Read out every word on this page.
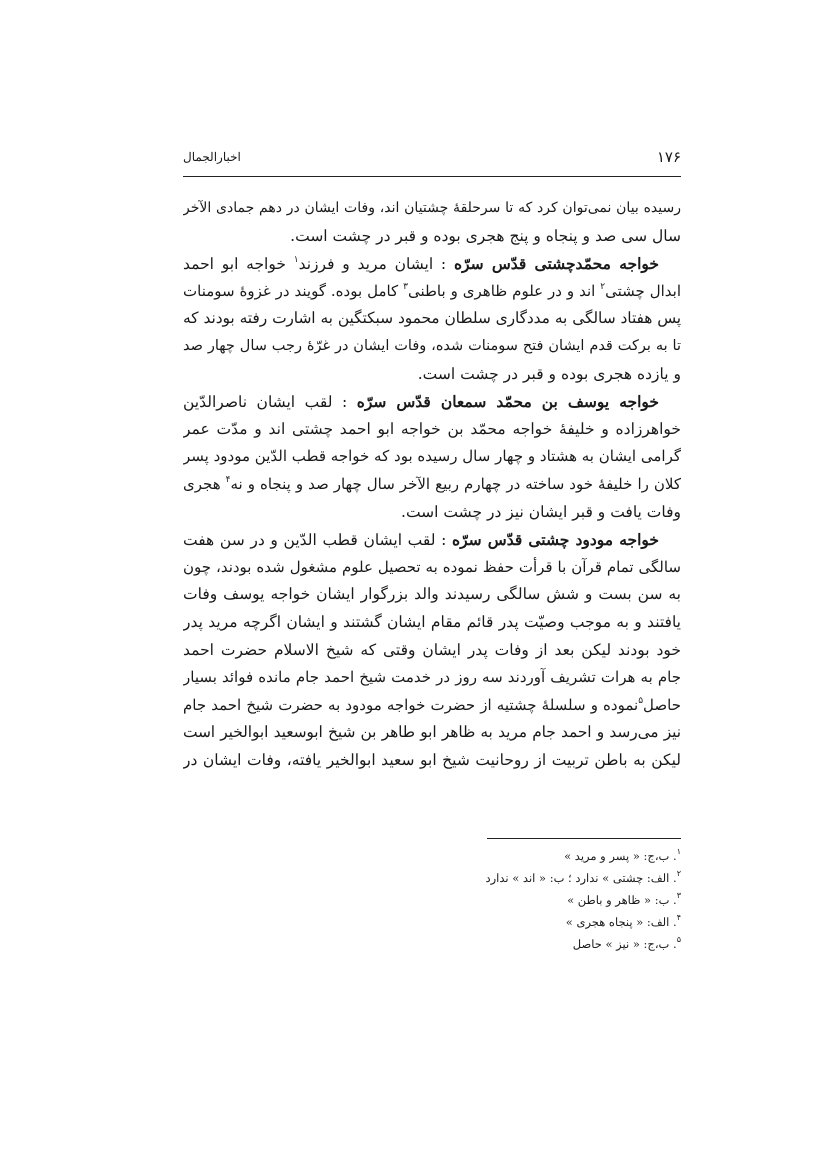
اخبارالجمال	۱۷۶
رسیده بیان نمی‌توان کرد که تا سرحلقهٔ چشتیان اند، وفات ایشان در دهم جمادی الآخر
سال سی صد و پنجاه و پنج هجری بوده و قبر در چشت است.
خواجه محمّدچشتی قدّس سرّه : ایشان مرید و فرزند$^۱$ خواجه ابو احمد
ابدال چشتی$^۲$ اند و در علوم ظاهری و باطنی$^۳$ کامل بوده. گویند در غزوهٔ سومنات
پس هفتاد سالگی به مددگاری سلطان محمود سبکتگین به اشارت رفته بودند که
تا به برکت قدم ایشان فتح سومنات شده، وفات ایشان در غرّهٔ رجب سال چهار صد
و یازده هجری بوده و قبر در چشت است.
خواجه یوسف بن محمّد سمعان قدّس سرّه : لقب ایشان ناصرالدّین
خواهرزاده و خلیفهٔ خواجه محمّد بن خواجه ابو احمد چشتی اند و مدّت عمر
گرامی ایشان به هشتاد و چهار سال رسیده بود که خواجه قطب الدّین مودود پسر
کلان را خلیفهٔ خود ساخته در چهارم ربیع الآخر سال چهار صد و پنجاه و نه$^۴$ هجری
وفات یافت و قبر ایشان نیز در چشت است.
خواجه مودود چشتی قدّس سرّه : لقب ایشان قطب الدّین و در سن هفت
سالگی تمام قرآن با قرأت حفظ نموده به تحصیل علوم مشغول شده بودند، چون
به سن بست و شش سالگی رسیدند والد بزرگوار ایشان خواجه یوسف وفات
یافتند و به موجب وصیّت پدر قائم مقام ایشان گشتند و ایشان اگرچه مرید پدر
خود بودند لیکن بعد از وفات پدر ایشان وقتی که شیخ الاسلام حضرت احمد
جام به هرات تشریف آوردند سه روز در خدمت شیخ احمد جام مانده فوائد بسیار
حاصل$^۵$نموده و سلسلهٔ چشتیه از حضرت خواجه مودود به حضرت شیخ احمد جام
نیز می‌رسد و احمد جام مرید به ظاهر ابو طاهر بن شیخ ابوسعید ابوالخیر است
لیکن به باطن تربیت از روحانیت شیخ ابو سعید ابوالخیر یافته، وفات ایشان در
$^۱$. ب،ج: « پسر و مرید »
$^۲$. الف: چشتی » ندارد ؛ ب: « اند » ندارد
$^۳$. ب: « ظاهر و باطن »
$^۴$. الف: « پنجاه هجری »
$^۵$. ب،ج: « نیز » حاصل
